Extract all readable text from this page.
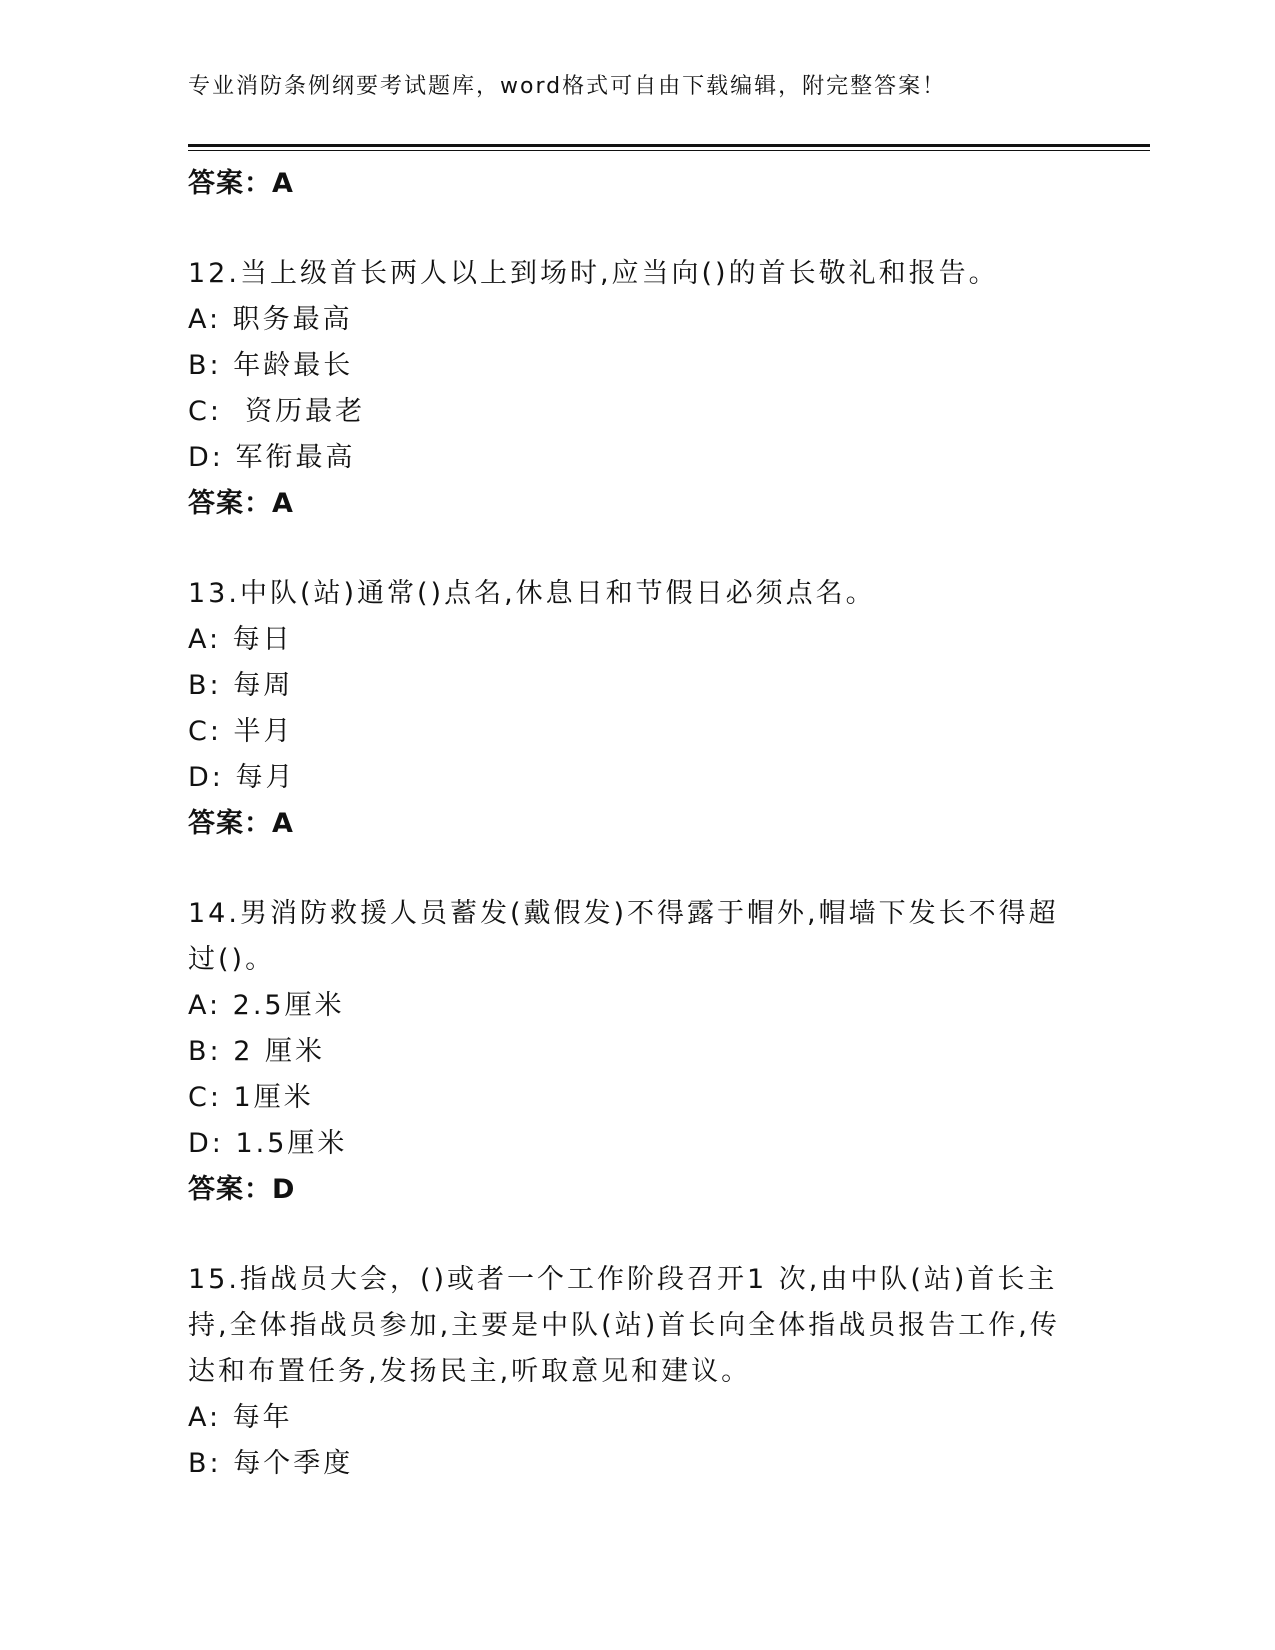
专业消防条例纲要考试题库，word格式可自由下载编辑，附完整答案！
答案：A
12.当上级首长两人以上到场时,应当向()的首长敬礼和报告。
A: 职务最高
B: 年龄最长
C:  资历最老
D: 军衔最高
答案：A
13.中队(站)通常()点名,休息日和节假日必须点名。
A: 每日
B: 每周
C: 半月
D: 每月
答案：A
14.男消防救援人员蓄发(戴假发)不得露于帽外,帽墙下发长不得超过()。
A: 2.5厘米
B: 2 厘米
C: 1厘米
D: 1.5厘米
答案：D
15.指战员大会，()或者一个工作阶段召开1 次,由中队(站)首长主持,全体指战员参加,主要是中队(站)首长向全体指战员报告工作,传达和布置任务,发扬民主,听取意见和建议。
A: 每年
B: 每个季度
